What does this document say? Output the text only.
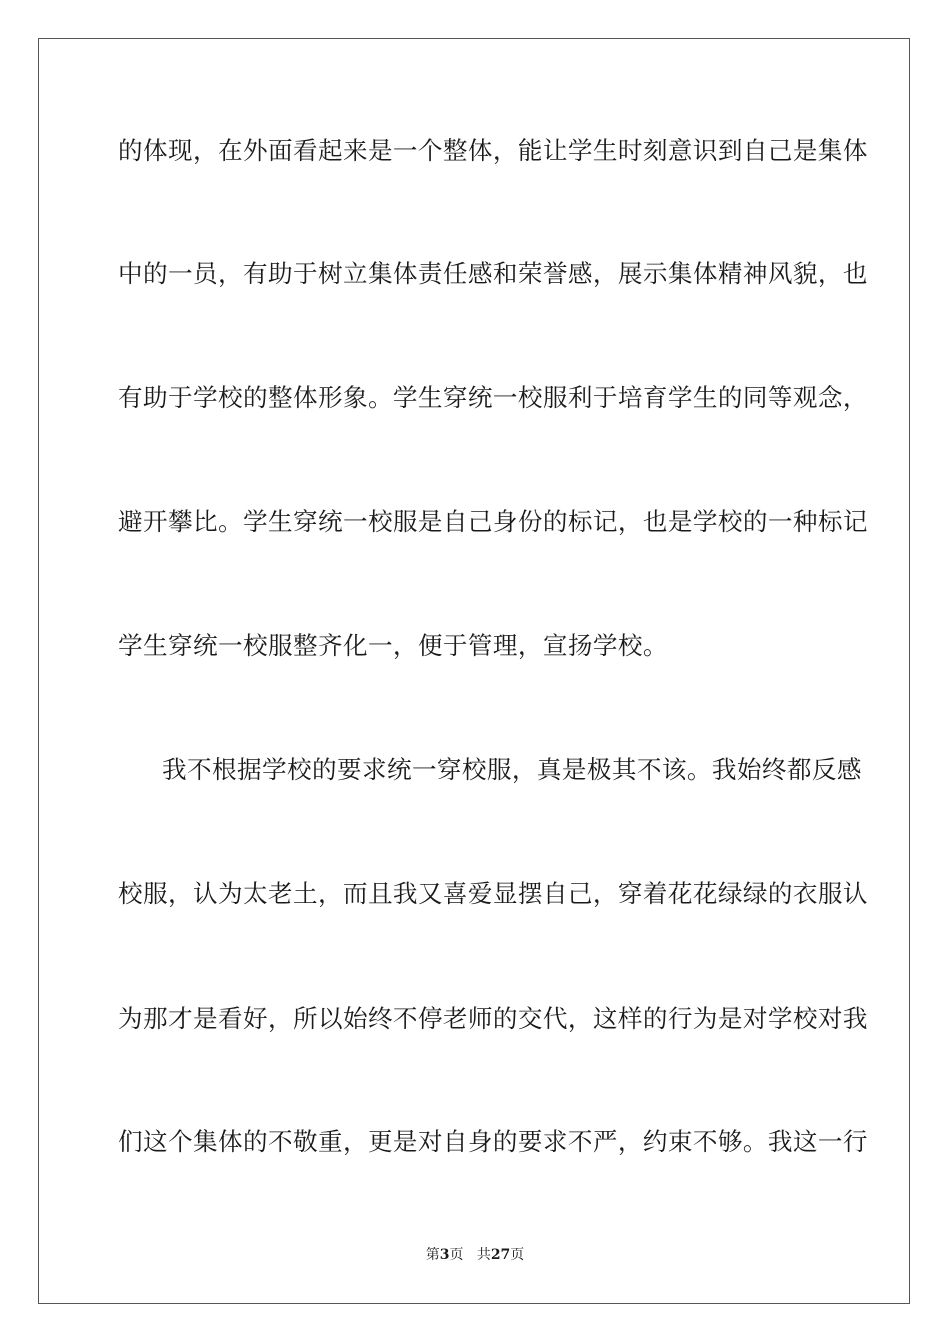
的体现，在外面看起来是一个整体，能让学生时刻意识到自己是集体
中的一员，有助于树立集体责任感和荣誉感，展示集体精神风貌，也
有助于学校的整体形象。学生穿统一校服利于培育学生的同等观念，
避开攀比。学生穿统一校服是自己身份的标记，也是学校的一种标记
学生穿统一校服整齐化一，便于管理，宣扬学校。
我不根据学校的要求统一穿校服，真是极其不该。我始终都反感
校服，认为太老土，而且我又喜爱显摆自己，穿着花花绿绿的衣服认
为那才是看好，所以始终不停老师的交代，这样的行为是对学校对我
们这个集体的不敬重，更是对自身的要求不严，约束不够。我这一行
第3页 共27页
